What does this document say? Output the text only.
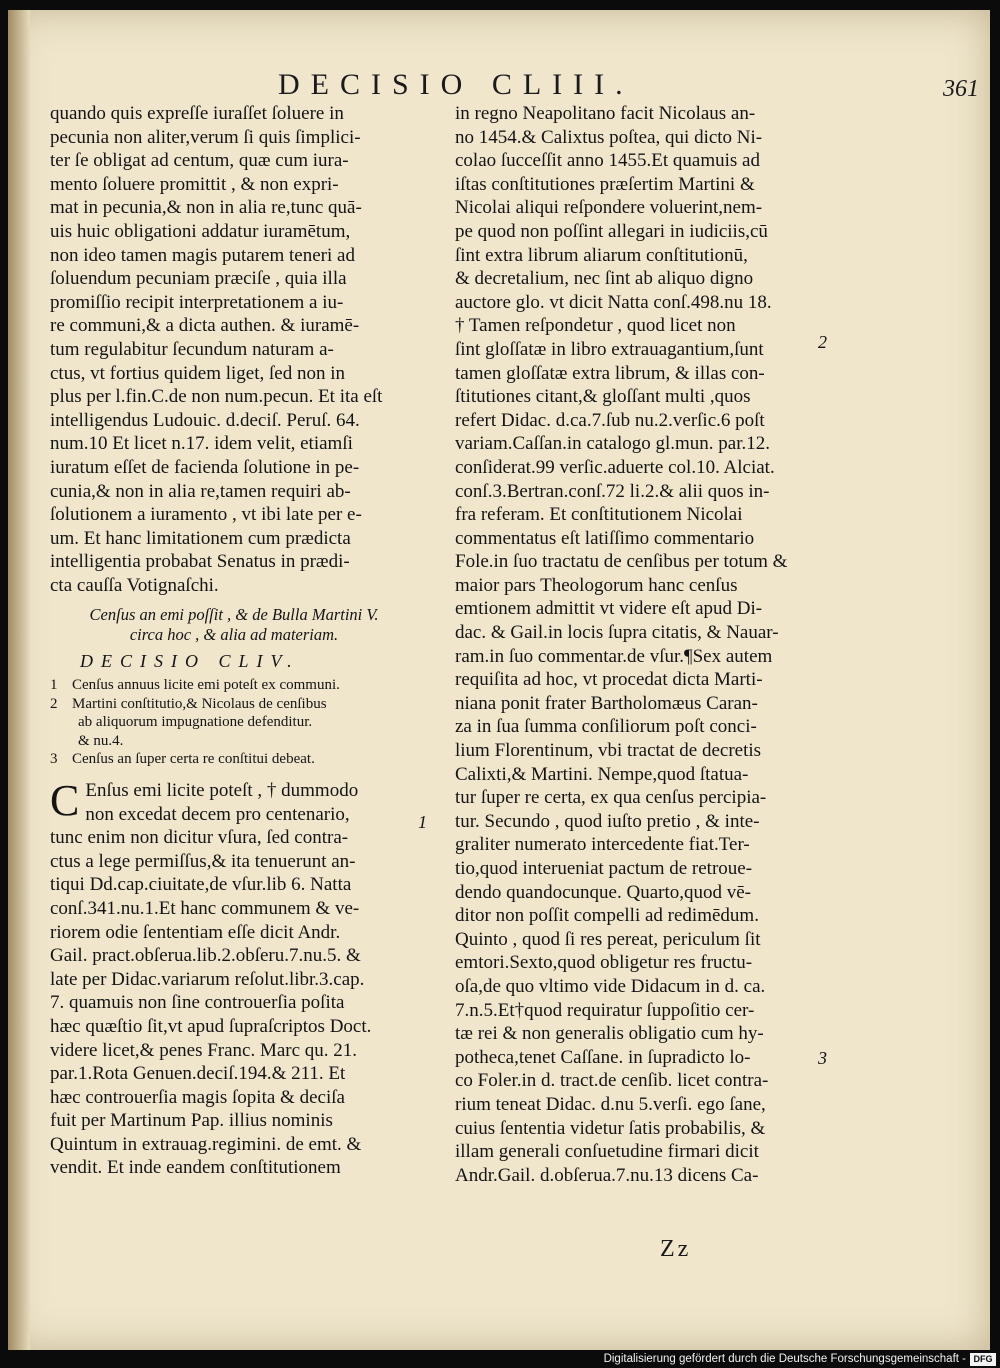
DECISIO CLIII.	361
quando quis expreſſe iuraſſet ſoluere in
pecunia non aliter,verum ſi quis ſimplici-
ter ſe obligat ad centum, quæ cum iura-
mento ſoluere promittit , & non expri-
mat in pecunia,& non in alia re,tunc quā-
uis huic obligationi addatur iuramētum,
non ideo tamen magis putarem teneri ad
ſoluendum pecuniam præciſe , quia illa
promiſſio recipit interpretationem a iu-
re communi,& a dicta authen. & iuramē-
tum regulabitur ſecundum naturam a-
ctus, vt fortius quidem liget, ſed non in
plus per l.fin.C.de non num.pecun. Et ita eſt
intelligendus Ludouic. d.deciſ. Peruſ. 64.
num.10 Et licet n.17. idem velit, etiamſi
iuratum eſſet de facienda ſolutione in pe-
cunia,& non in alia re,tamen requiri ab-
ſolutionem a iuramento , vt ibi late per e-
um. Et hanc limitationem cum prædicta
intelligentia probabat Senatus in prædi-
cta cauſſa Votignaſchi.
Cenſus an emi poſſit , & de Bulla Martini V.
circa hoc , & alia ad materiam.
DECISIO CLIV.
1 Cenſus annuus licite emi poteſt ex communi.
2 Martini conſtitutio,& Nicolaus de cenſibus
ab aliquorum impugnatione defenditur.
& nu.4.
3 Cenſus an ſuper certa re conſtitui debeat.
C Enſus emi licite poteſt , † dummodo
non excedat decem pro centenario,
tunc enim non dicitur vſura, ſed contra-
ctus a lege permiſſus,& ita tenuerunt an-
tiqui Dd.cap.ciuitate,de vſur.lib 6. Natta
conſ.341.nu.1.Et hanc communem & ve-
riorem odie ſententiam eſſe dicit Andr.
Gail. pract.obſerua.lib.2.obſeru.7.nu.5. &
late per Didac.variarum reſolut.libr.3.cap.
7. quamuis non ſine controuerſia poſita
hæc quæſtio ſit,vt apud ſupraſcriptos Doct.
videre licet,& penes Franc. Marc qu. 21.
par.1.Rota Genuen.deciſ.194.& 211. Et
hæc controuerſia magis ſopita & deciſa
fuit per Martinum Pap. illius nominis
Quintum in extrauag.regimini. de emt. &
vendit. Et inde eandem conſtitutionem
in regno Neapolitano facit Nicolaus an-
no 1454.& Calixtus poſtea, qui dicto Ni-
colao ſucceſſit anno 1455.Et quamuis ad
iſtas conſtitutiones præſertim Martini &
Nicolai aliqui reſpondere voluerint,nem-
pe quod non poſſint allegari in iudiciis,cū
ſint extra librum aliarum conſtitutionū,
& decretalium, nec ſint ab aliquo digno
auctore glo. vt dicit Natta conſ.498.nu 18.
† Tamen reſpondetur , quod licet non
ſint gloſſatæ in libro extrauagantium,ſunt
tamen gloſſatæ extra librum, & illas con-
ſtitutiones citant,& gloſſant multi ,quos
refert Didac. d.ca.7.ſub nu.2.verſic.6 poſt
variam.Caſſan.in catalogo gl.mun. par.12.
conſiderat.99 verſic.aduerte col.10. Alciat.
conſ.3.Bertran.conſ.72 li.2.& alii quos in-
fra referam. Et conſtitutionem Nicolai
commentatus eſt latiſſimo commentario
Fole.in ſuo tractatu de cenſibus per totum &
maior pars Theologorum hanc cenſus
emtionem admittit vt videre eſt apud Di-
dac. & Gail.in locis ſupra citatis, & Nauar-
ram.in ſuo commentar.de vſur.¶Sex autem
requiſita ad hoc, vt procedat dicta Marti-
niana ponit frater Bartholomæus Caran-
za in ſua ſumma conſiliorum poſt conci-
lium Florentinum, vbi tractat de decretis
Calixti,& Martini. Nempe,quod ſtatua-
tur ſuper re certa, ex qua cenſus percipia-
tur. Secundo , quod iuſto pretio , & inte-
graliter numerato intercedente fiat.Ter-
tio,quod interueniat pactum de retroue-
dendo quandocunque. Quarto,quod vē-
ditor non poſſit compelli ad redimēdum.
Quinto , quod ſi res pereat, periculum ſit
emtori.Sexto,quod obligetur res fructu-
oſa,de quo vltimo vide Didacum in d. ca.
7.n.5.Et†quod requiratur ſuppoſitio cer-
tæ rei & non generalis obligatio cum hy-
potheca,tenet Caſſane. in ſupradicto lo-
co Foler.in d. tract.de cenſib. licet contra-
rium teneat Didac. d.nu 5.verſi. ego ſane,
cuius ſententia videtur ſatis probabilis, &
illam generali conſuetudine firmari dicit
Andr.Gail. d.obſerua.7.nu.13 dicens Ca-
1
2
3
Zz
Digitalisierung gefördert durch die Deutsche Forschungsgemeinschaft - DFG
